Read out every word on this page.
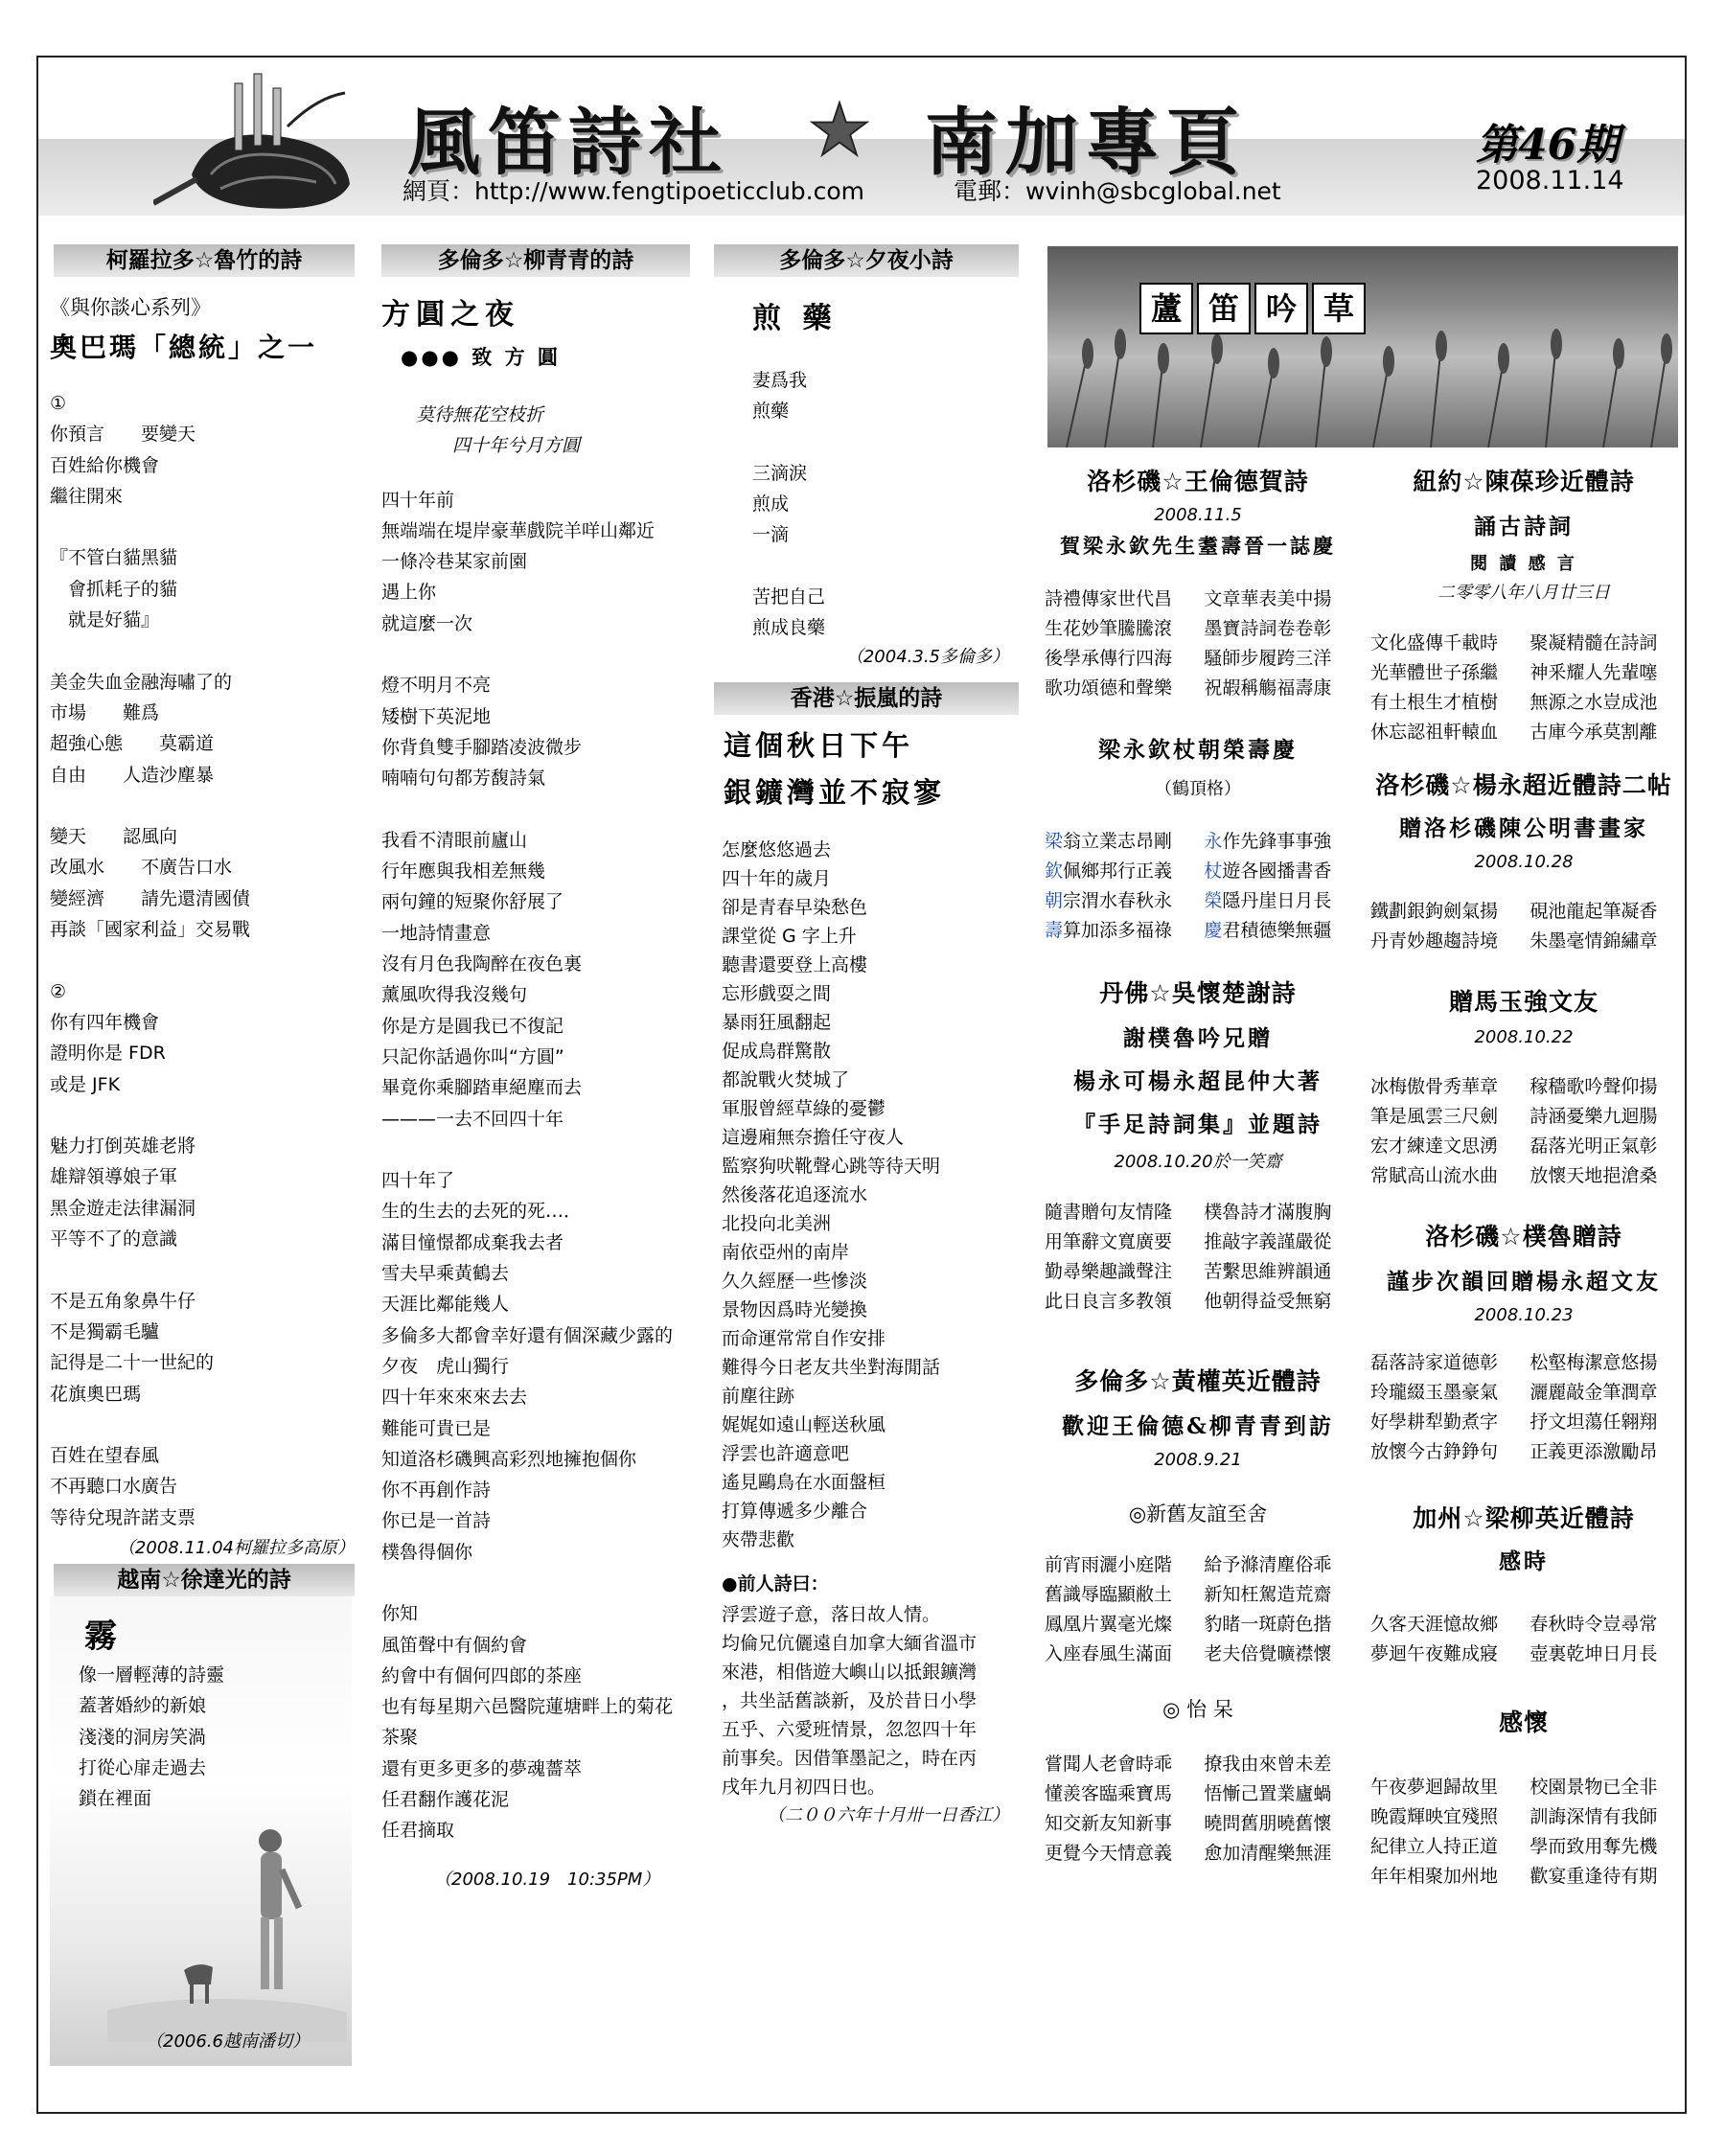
風笛詩社	南加專頁
網頁：http://www.fengtipoeticclub.com	電郵：wvinh@sbcglobal.net
第46期
2008.11.14
柯羅拉多☆魯竹的詩
《與你談心系列》
奧巴瑪「總統」之一
①
你預言　　要變天
百姓給你機會
繼往開來
『不管白貓黑貓
　會抓耗子的貓
　就是好貓』
美金失血金融海嘯了的
市場　　難爲
超強心態　　莫霸道
自由　　人造沙塵暴
變天　　認風向
改風水　　不廣告口水
變經濟　　請先還清國債
再談「國家利益」交易戰
②
你有四年機會
證明你是 FDR
或是 JFK
魅力打倒英雄老將
雄辯領導娘子軍
黑金遊走法律漏洞
平等不了的意識
不是五角象鼻牛仔
不是獨霸毛驢
記得是二十一世紀的
花旗奧巴瑪
百姓在望春風
不再聽口水廣告
等待兌現許諾支票
（2008.11.04柯羅拉多高原）
越南☆徐達光的詩
霧
像一層輕薄的詩靈
蓋著婚紗的新娘
淺淺的洞房笑渦
打從心扉走過去
鎖在裡面
（2006.6越南潘切）
多倫多☆柳青青的詩
方圓之夜
●●● 致 方 圓
莫待無花空枝折
　　四十年兮月方圓
四十年前
無端端在堤岸豪華戲院羊咩山鄰近
一條冷巷某家前園
遇上你
就這麼一次
燈不明月不亮
矮樹下英泥地
你背負雙手腳踏凌波微步
喃喃句句都芳馥詩氣
我看不清眼前廬山
行年應與我相差無幾
兩句鐘的短聚你舒展了
一地詩情畫意
沒有月色我陶醉在夜色裏
薰風吹得我沒幾句
你是方是圓我已不復記
只記你話過你叫“方圓”
畢竟你乘腳踏車絕塵而去
———一去不回四十年
四十年了
生的生去的去死的死…．
滿目憧憬都成棄我去者
雪夫早乘黃鶴去
天涯比鄰能幾人
多倫多大都會幸好還有個深藏少露的
夕夜　虎山獨行
四十年來來來去去
難能可貴已是
知道洛杉磯興高彩烈地擁抱個你
你不再創作詩
你已是一首詩
樸魯得個你
你知
風笛聲中有個約會
約會中有個何四郎的茶座
也有每星期六邑醫院蓮塘畔上的菊花
茶聚
還有更多更多的夢魂薔萃
任君翻作護花泥
任君摘取
（2008.10.19　10:35PM）
多倫多☆夕夜小詩
煎 藥
妻爲我
煎藥
三滴淚
煎成
一滴
苦把自己
煎成良藥
（2004.3.5多倫多）
香港☆振嵐的詩
這個秋日下午
銀鑛灣並不寂寥
怎麼悠悠過去
四十年的歲月
卻是青春早染愁色
課堂從 G 字上升
聽書還要登上高樓
忘形戲耍之間
暴雨狂風翻起
促成鳥群驚散
都說戰火焚城了
軍服曾經草綠的憂鬱
這邊廂無奈擔任守夜人
監察狗吠靴聲心跳等待天明
然後落花追逐流水
北投向北美洲
南依亞州的南岸
久久經歷一些慘淡
景物因爲時光變換
而命運常常自作安排
難得今日老友共坐對海閒話
前塵往跡
娓娓如遠山輕送秋風
浮雲也許適意吧
遙見鷗鳥在水面盤桓
打算傳遞多少離合
夾帶悲歡
●前人詩曰：
浮雲遊子意，落日故人情。
均倫兄伉儷遠自加拿大緬省溫市
來港，相偕遊大嶼山以抵銀鑛灣
，共坐話舊談新，及於昔日小學
五乎、六愛班情景，忽忽四十年
前事矣。因借筆墨記之，時在丙
戌年九月初四日也。
（二００六年十月卅一日香江）
蘆 笛 吟 草
洛杉磯☆王倫德賀詩
2008.11.5
賀梁永欽先生耋壽晉一誌慶
詩禮傳家世代昌	文章華表美中揚
生花妙筆騰騰滾	墨寶詩詞卷卷彰
後學承傳行四海	騷師步履跨三洋
歌功頌德和聲樂	祝嘏稱觴福壽康
梁永欽杖朝榮壽慶
（鶴頂格）
梁翁立業志昂剛	永作先鋒事事強
欽佩鄉邦行正義	杖遊各國播書香
朝宗渭水春秋永	榮隱丹崖日月長
壽算加添多福祿	慶君積德樂無疆
丹佛☆吳懷楚謝詩
謝樸魯吟兄贈
楊永可楊永超昆仲大著
『手足詩詞集』並題詩
2008.10.20於一笑齋
隨書贈句友情隆	樸魯詩才滿腹胸
用筆辭文寬廣要	推敲字義謹嚴從
勤尋樂趣識聲注	苦繫思維辨韻通
此日良言多教領	他朝得益受無窮
多倫多☆黃權英近體詩
歡迎王倫德&柳青青到訪
2008.9.21
◎新舊友誼至舍
前宵雨灑小庭階	給予滌清塵俗乖
舊識辱臨顯敝土	新知枉駕造荒齋
鳳凰片翼毫光燦	豹睹一斑蔚色揩
入座春風生滿面	老夫倍覺曠襟懷
◎ 怡 呆
嘗聞人老會時乖	撩我由來曾未差
懂羨客臨乘寶馬	悟慚己置業廬蝸
知交新友知新事	曉問舊朋曉舊懷
更覺今天情意義	愈加清醒樂無涯
紐約☆陳葆珍近體詩
誦古詩詞
閱 讀 感 言
二零零八年八月廿三日
文化盛傳千載時	聚凝精髓在詩詞
光華體世子孫繼	神釆耀人先輩噻
有土根生才植樹	無源之水豈成池
休忘認祖軒轅血	古庫今承莫割離
洛杉磯☆楊永超近體詩二帖
贈洛杉磯陳公明書畫家
2008.10.28
鐵劃銀鉤劍氣揚	硯池龍起筆凝香
丹青妙趣趨詩境	朱墨毫情錦繡章
贈馬玉強文友
2008.10.22
冰梅傲骨秀華章	稼穡歌吟聲仰揚
筆是風雲三尺劍	詩涵憂樂九迴腸
宏才練達文思湧	磊落光明正氣彰
常賦高山流水曲	放懷天地挹滄桑
洛杉磯☆樸魯贈詩
謹步次韻回贈楊永超文友
2008.10.23
磊落詩家道德彰	松壑梅潔意悠揚
玲瓏綴玉墨豪氣	灑麗敲金筆潤章
好學耕犁勤煮字	抒文坦蕩任翱翔
放懷今古錚錚句	正義更添激勵昂
加州☆梁柳英近體詩
感時
久客天涯憶故鄉	春秋時令豈尋常
夢迴午夜難成寢	壺裏乾坤日月長
感懷
午夜夢迴歸故里	校園景物已全非
晚霞輝映宜殘照	訓誨深情有我師
紀律立人持正道	學而致用奪先機
年年相聚加州地	歡宴重逢待有期
